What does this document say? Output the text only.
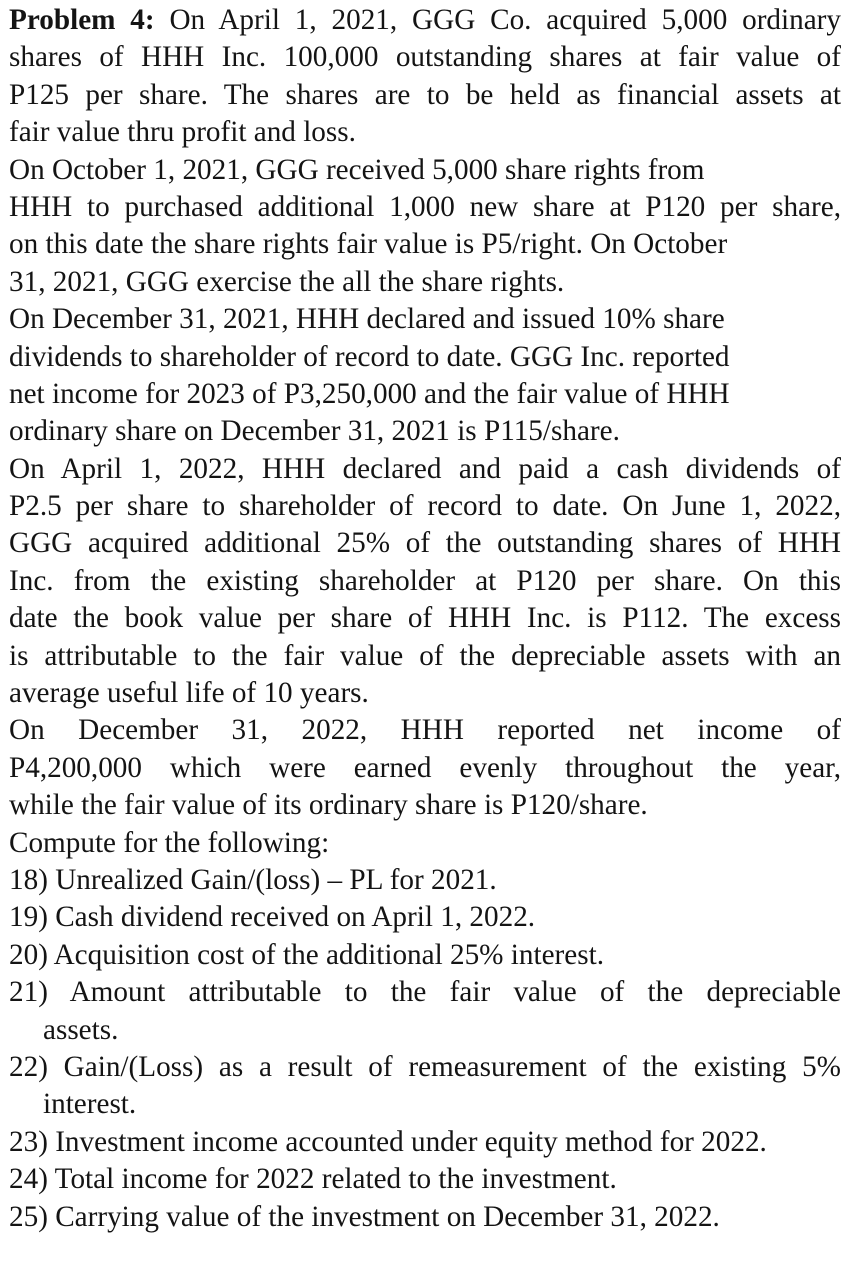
Problem 4: On April 1, 2021, GGG Co. acquired 5,000 ordinary
shares of HHH Inc. 100,000 outstanding shares at fair value of
P125 per share. The shares are to be held as financial assets at
fair value thru profit and loss.
On October 1, 2021, GGG received 5,000 share rights from
HHH to purchased additional 1,000 new share at P120 per share,
on this date the share rights fair value is P5/right. On October
31, 2021, GGG exercise the all the share rights.
On December 31, 2021, HHH declared and issued 10% share
dividends to shareholder of record to date. GGG Inc. reported
net income for 2023 of P3,250,000 and the fair value of HHH
ordinary share on December 31, 2021 is P115/share.
On April 1, 2022, HHH declared and paid a cash dividends of
P2.5 per share to shareholder of record to date. On June 1, 2022,
GGG acquired additional 25% of the outstanding shares of HHH
Inc. from the existing shareholder at P120 per share. On this
date the book value per share of HHH Inc. is P112. The excess
is attributable to the fair value of the depreciable assets with an
average useful life of 10 years.
On December 31, 2022, HHH reported net income of
P4,200,000 which were earned evenly throughout the year,
while the fair value of its ordinary share is P120/share.
Compute for the following:
18) Unrealized Gain/(loss) – PL for 2021.
19) Cash dividend received on April 1, 2022.
20) Acquisition cost of the additional 25% interest.
21) Amount attributable to the fair value of the depreciable
assets.
22) Gain/(Loss) as a result of remeasurement of the existing 5%
interest.
23) Investment income accounted under equity method for 2022.
24) Total income for 2022 related to the investment.
25) Carrying value of the investment on December 31, 2022.
